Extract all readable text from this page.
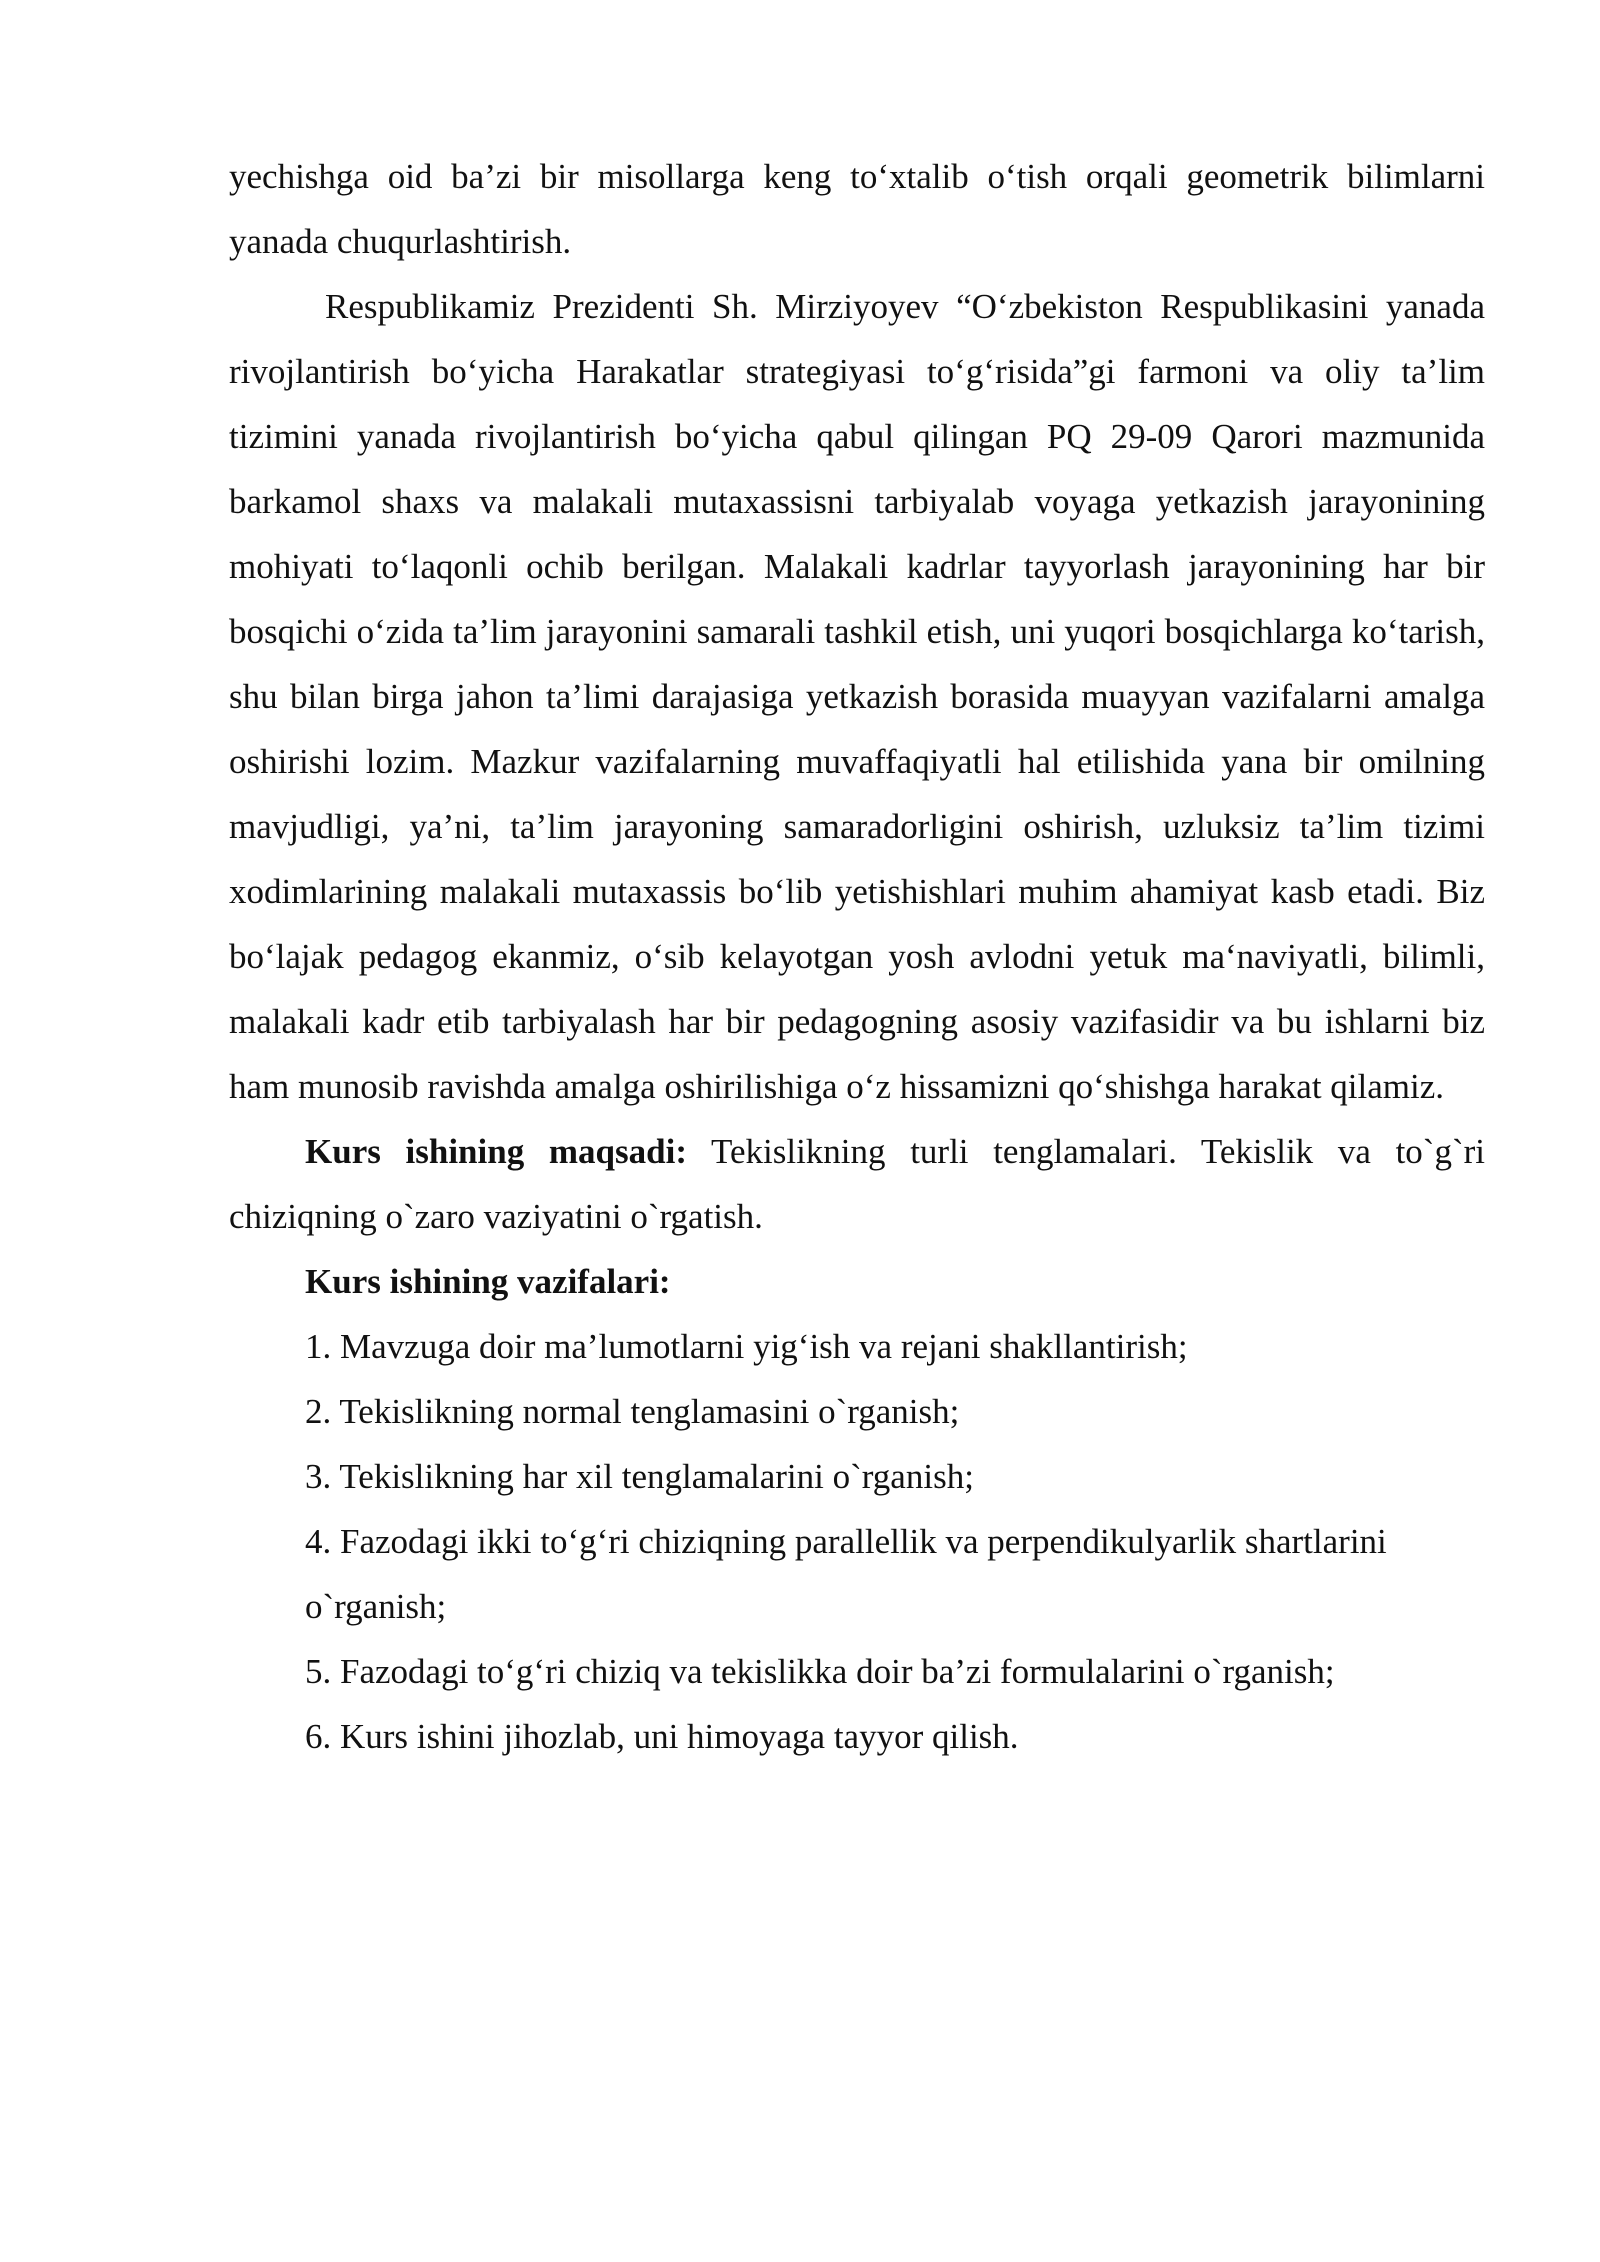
yechishga oid ba’zi bir misollarga keng to‘xtalib o‘tish orqali geometrik bilimlarni yanada chuqurlashtirish.

Respublikamiz Prezidenti Sh. Mirziyoyev “O‘zbekiston Respublikasini yanada rivojlantirish bo‘yicha Harakatlar strategiyasi to‘g‘risida”gi farmoni va oliy ta’lim tizimini yanada rivojlantirish bo‘yicha qabul qilingan PQ 29-09 Qarori mazmunida barkamol shaxs va malakali mutaxassisni tarbiyalab voyaga yetkazish jarayonining mohiyati to‘laqonli ochib berilgan. Malakali kadrlar tayyorlash jarayonining har bir bosqichi o‘zida ta’lim jarayonini samarali tashkil etish, uni yuqori bosqichlarga ko‘tarish, shu bilan birga jahon ta’limi darajasiga yetkazish borasida muayyan vazifalarni amalga oshirishi lozim. Mazkur vazifalarning muvaffaqiyatli hal etilishida yana bir omilning mavjudligi, ya’ni, ta’lim jarayoning samaradorligini oshirish, uzluksiz ta’lim tizimi xodimlarining malakali mutaxassis bo‘lib yetishishlari muhim ahamiyat kasb etadi. Biz bo‘lajak pedagog ekanmiz, o‘sib kelayotgan yosh avlodni yetuk ma‘naviyatli, bilimli, malakali kadr etib tarbiyalash har bir pedagogning asosiy vazifasidir va bu ishlarni biz ham munosib ravishda amalga oshirilishiga o‘z hissamizni qo‘shishga harakat qilamiz.

Kurs ishining maqsadi: Tekislikning turli tenglamalari. Tekislik va to`g`ri chiziqning o`zaro vaziyatini o`rgatish.

Kurs ishining vazifalari:

1. Mavzuga doir ma’lumotlarni yig‘ish va rejani shakllantirish;
2. Tekislikning normal tenglamasini o`rganish;
3. Tekislikning har xil tenglamalarini o`rganish;
4. Fazodagi ikki to‘g‘ri chiziqning parallellik va perpendikulyarlik shartlarini o`rganish;
5. Fazodagi to‘g‘ri chiziq va tekislikka doir ba’zi formulalarini o`rganish;
6. Kurs ishini jihozlab, uni himoyaga tayyor qilish.
